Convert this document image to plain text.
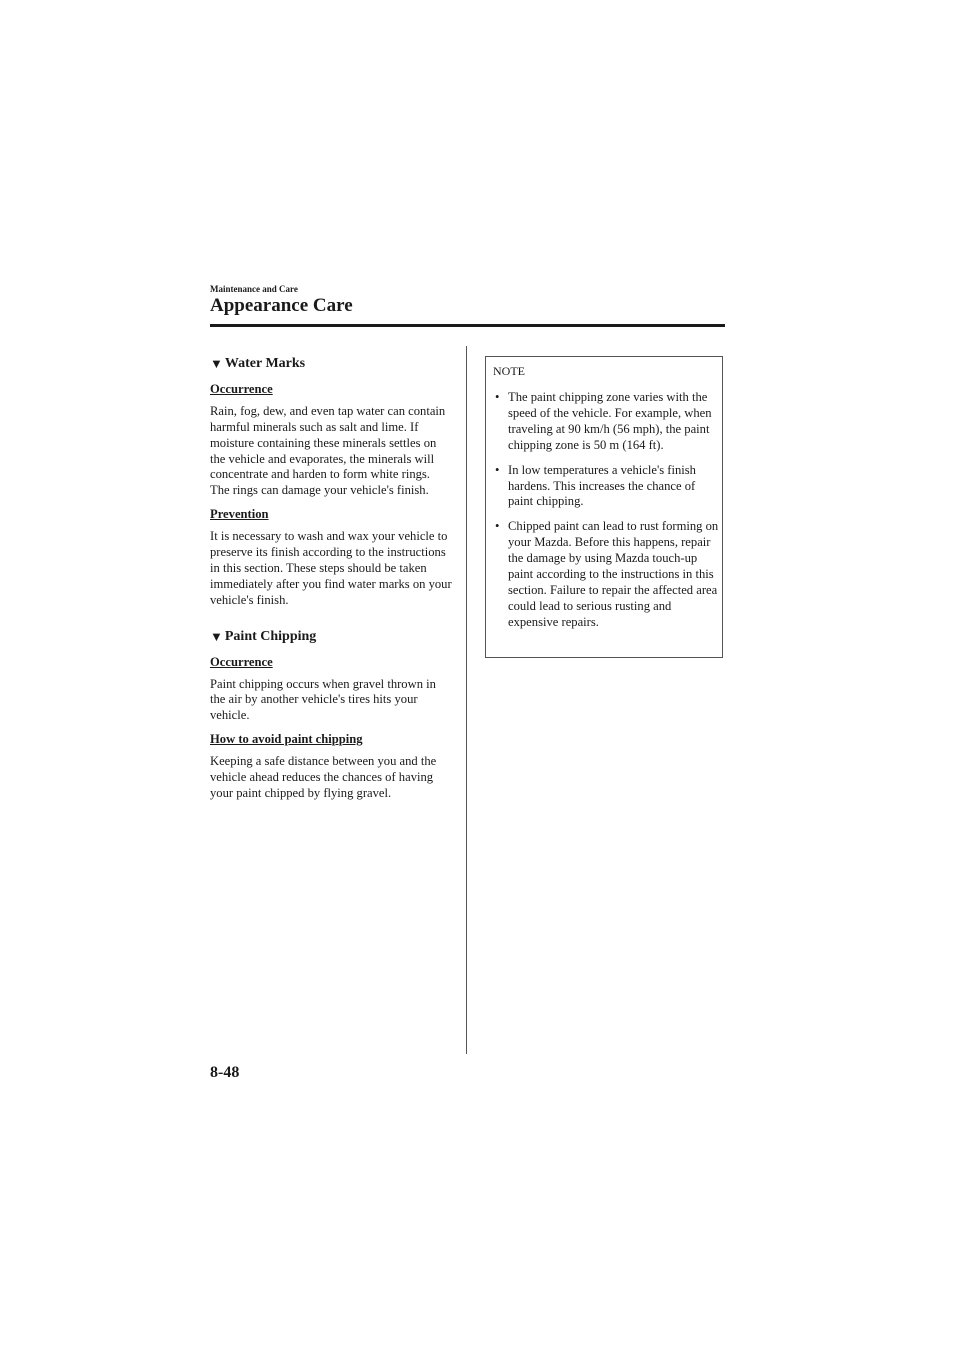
Maintenance and Care

Appearance Care
▼ Water Marks

Occurrence

Rain, fog, dew, and even tap water can contain harmful minerals such as salt and lime. If moisture containing these minerals settles on the vehicle and evaporates, the minerals will concentrate and harden to form white rings. The rings can damage your vehicle's finish.

Prevention

It is necessary to wash and wax your vehicle to preserve its finish according to the instructions in this section. These steps should be taken immediately after you find water marks on your vehicle's finish.

▼ Paint Chipping

Occurrence

Paint chipping occurs when gravel thrown in the air by another vehicle's tires hits your vehicle.

How to avoid paint chipping

Keeping a safe distance between you and the vehicle ahead reduces the chances of having your paint chipped by flying gravel.

NOTE

• The paint chipping zone varies with the speed of the vehicle. For example, when traveling at 90 km/h (56 mph), the paint chipping zone is 50 m (164 ft).
• In low temperatures a vehicle's finish hardens. This increases the chance of paint chipping.
• Chipped paint can lead to rust forming on your Mazda. Before this happens, repair the damage by using Mazda touch-up paint according to the instructions in this section. Failure to repair the affected area could lead to serious rusting and expensive repairs.

8-48
